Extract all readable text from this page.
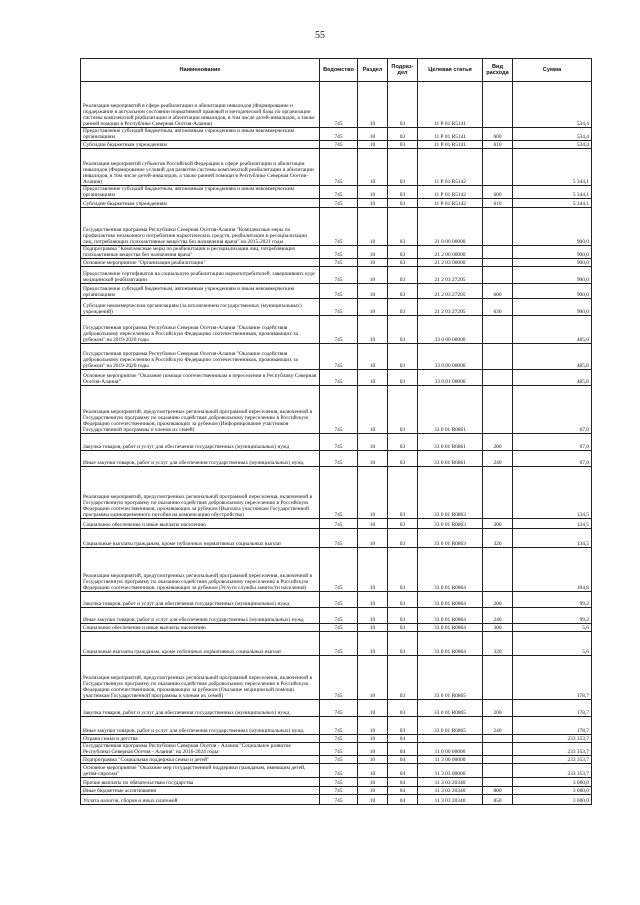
55
Наименование	Ведомство	Раздел	Подраз-дел	Целевая статья	Вид расхода	Сумма
Реализация мероприятий в сфере реабилитации и абилитации инвалидов (Формирование и поддержание в актуальном состоянии нормативной правовой и методической базы по организации системы комплексной реабилитации и абилитации инвалидов, в том числе детей-инвалидов, а также ранней помощи в Республике Северная Осетия-Алания)	745	10	03	11 Р 01 R5141		534,4
Предоставление субсидий бюджетным, автономным учреждениям и иным некоммерческим организациям	745	10	03	11 Р 01 R5141	600	534,4
Субсидии бюджетным учреждениям	745	10	03	11 Р 01 R5141	610	534,4
Реализация мероприятий субъектов Российской Федерации в сфере реабилитации и абилитации инвалидов (Формирование условий для развития системы комплексной реабилитации и абилитации инвалидов, в том числе детей-инвалидов, а также ранней помощи в Республике Северная Осетия-Алания)	745	10	03	11 Р 01 R5142		5 344,1
Предоставление субсидий бюджетным, автономным учреждениям и иным некоммерческим организациям	745	10	03	11 Р 01 R5142	600	5 344,1
Субсидии бюджетным учреждениям	745	10	03	11 Р 01 R5142	610	5 344,1
Государственная программа Республики Северная Осетия-Алания "Комплексные меры по профилактике незаконного потребления наркотических средств, реабилитации и ресоциализации лиц, потребляющих психоактивные вещества без назначения врача" на 2015-2021 годы	745	10	03	21 0 00 00000		900,0
Подпрограмма "Комплексные меры по реабилитации и ресоциализации лиц, потребляющих психоактивные вещества без назначения врача"	745	10	03	21 2 00 00000		900,0
Основное мероприятие "Организация реабилитации"	745	10	03	21 2 03 00000		900,0
Предоставление сертификатов на социальную реабилитацию наркопотребителей, завершивших курс медицинской реабилитации	745	10	03	21 2 03 27205		900,0
Предоставление субсидий бюджетным, автономным учреждениям и иным некоммерческим организациям	745	10	03	21 2 03 27205	600	900,0
Субсидии некоммерческим организациям (за исключением государственных (муниципальных) учреждений)	745	10	03	21 2 03 27205	630	900,0
Государственная программа Республики Северная Осетия-Алания "Оказание содействия добровольному переселению в Российскую Федерацию соотечественников, проживающих за рубежом" на 2019-2020 годы	745	10	03	33 0 00 00000		485,0
Государственная программа Республики Северная Осетия-Алания "Оказание содействия добровольному переселению в Российскую Федерацию соотечественников, проживающих за рубежом" на 2019-2020 годы	745	10	03	33 0 00 00000		485,0
Основное мероприятие "Оказание помощи соотечественникам в переселении в Республику Северная Осетия-Алания"	745	10	03	33 0 01 00000		485,0
Реализация мероприятий, предусмотренных региональной программой переселения, включенной в Государственную программу по оказанию содействия добровольному переселению в Российскую Федерацию соотечественников, проживающих за рубежом (Информирование участников Государственной программы и членов их семей)	745	10	03	33 0 01 R0861		67,0
Закупка товаров, работ и услуг для обеспечения государственных (муниципальных) нужд	745	10	03	33 0 01 R0861	200	67,0
Иные закупки товаров, работ и услуг для обеспечения государственных (муниципальных) нужд	745	10	03	33 0 01 R0861	240	67,0
Реализация мероприятий, предусмотренных региональной программой переселения, включенной в Государственную программу по оказанию содействия добровольному переселению в Российскую Федерацию соотечественников, проживающих за рубежом (Выплата участникам Государственной программы единовременного пособия на компенсацию обустройства)	745	10	03	33 0 01 R0863		134,5
Социальное обеспечение и иные выплаты населению	745	10	03	33 0 01 R0863	300	134,5
Социальные выплаты гражданам, кроме публичных нормативных социальных выплат	745	10	03	33 0 01 R0863	320	134,5
Реализация мероприятий, предусмотренных региональной программой переселения, включенной в Государственную программу по оказанию содействия добровольному переселению в Российскую Федерацию соотечественников, проживающих за рубежом (Услуги службы занятости населения)	745	10	03	33 0 01 R0864		104,8
Закупка товаров, работ и услуг для обеспечения государственных (муниципальных) нужд	745	10	03	33 0 01 R0864	200	99,2
Иные закупки товаров, работ и услуг для обеспечения государственных (муниципальных) нужд	745	10	03	33 0 01 R0864	240	99,2
Социальное обеспечение и иные выплаты населению	745	10	03	33 0 01 R0864	300	5,6
Социальные выплаты гражданам, кроме публичных нормативных социальных выплат	745	10	03	33 0 01 R0864	320	5,6
Реализация мероприятий, предусмотренных региональной программой переселения, включенной в Государственную программу по оказанию содействия добровольному переселению в Российскую Федерацию соотечественников, проживающих за рубежом (Оказание медицинской помощи участникам Государственной программы и членам их семей)	745	10	03	33 0 01 R0865		178,7
Закупка товаров, работ и услуг для обеспечения государственных (муниципальных) нужд	745	10	03	33 0 01 R0865	200	178,7
Иные закупки товаров, работ и услуг для обеспечения государственных (муниципальных) нужд	745	10	03	33 0 01 R0865	240	178,7
Охрана семьи и детства	745	10	04			233 353,7
Государственная программа Республики Северная Осетия - Алания "Социальное развитие Республики Северная Осетия - Алания" на 2016-2024 годы	745	10	04	11 0 00 00000		233 353,7
Подпрограмма "Социальная поддержка семьи и детей"	745	10	04	11 3 00 00000		233 353,7
Основное мероприятие "Оказание мер государственной поддержки гражданам, имеющим детей, детям-сиротам"	745	10	04	11 3 03 00000		233 353,7
Прочие выплаты по обязательствам государства	745	10	04	11 3 03 20340		3 000,0
Иные бюджетные ассигнования	745	10	04	11 3 03 20340	800	3 000,0
Уплата налогов, сборов и иных платежей	745	10	04	11 3 03 20340	850	3 000,0
